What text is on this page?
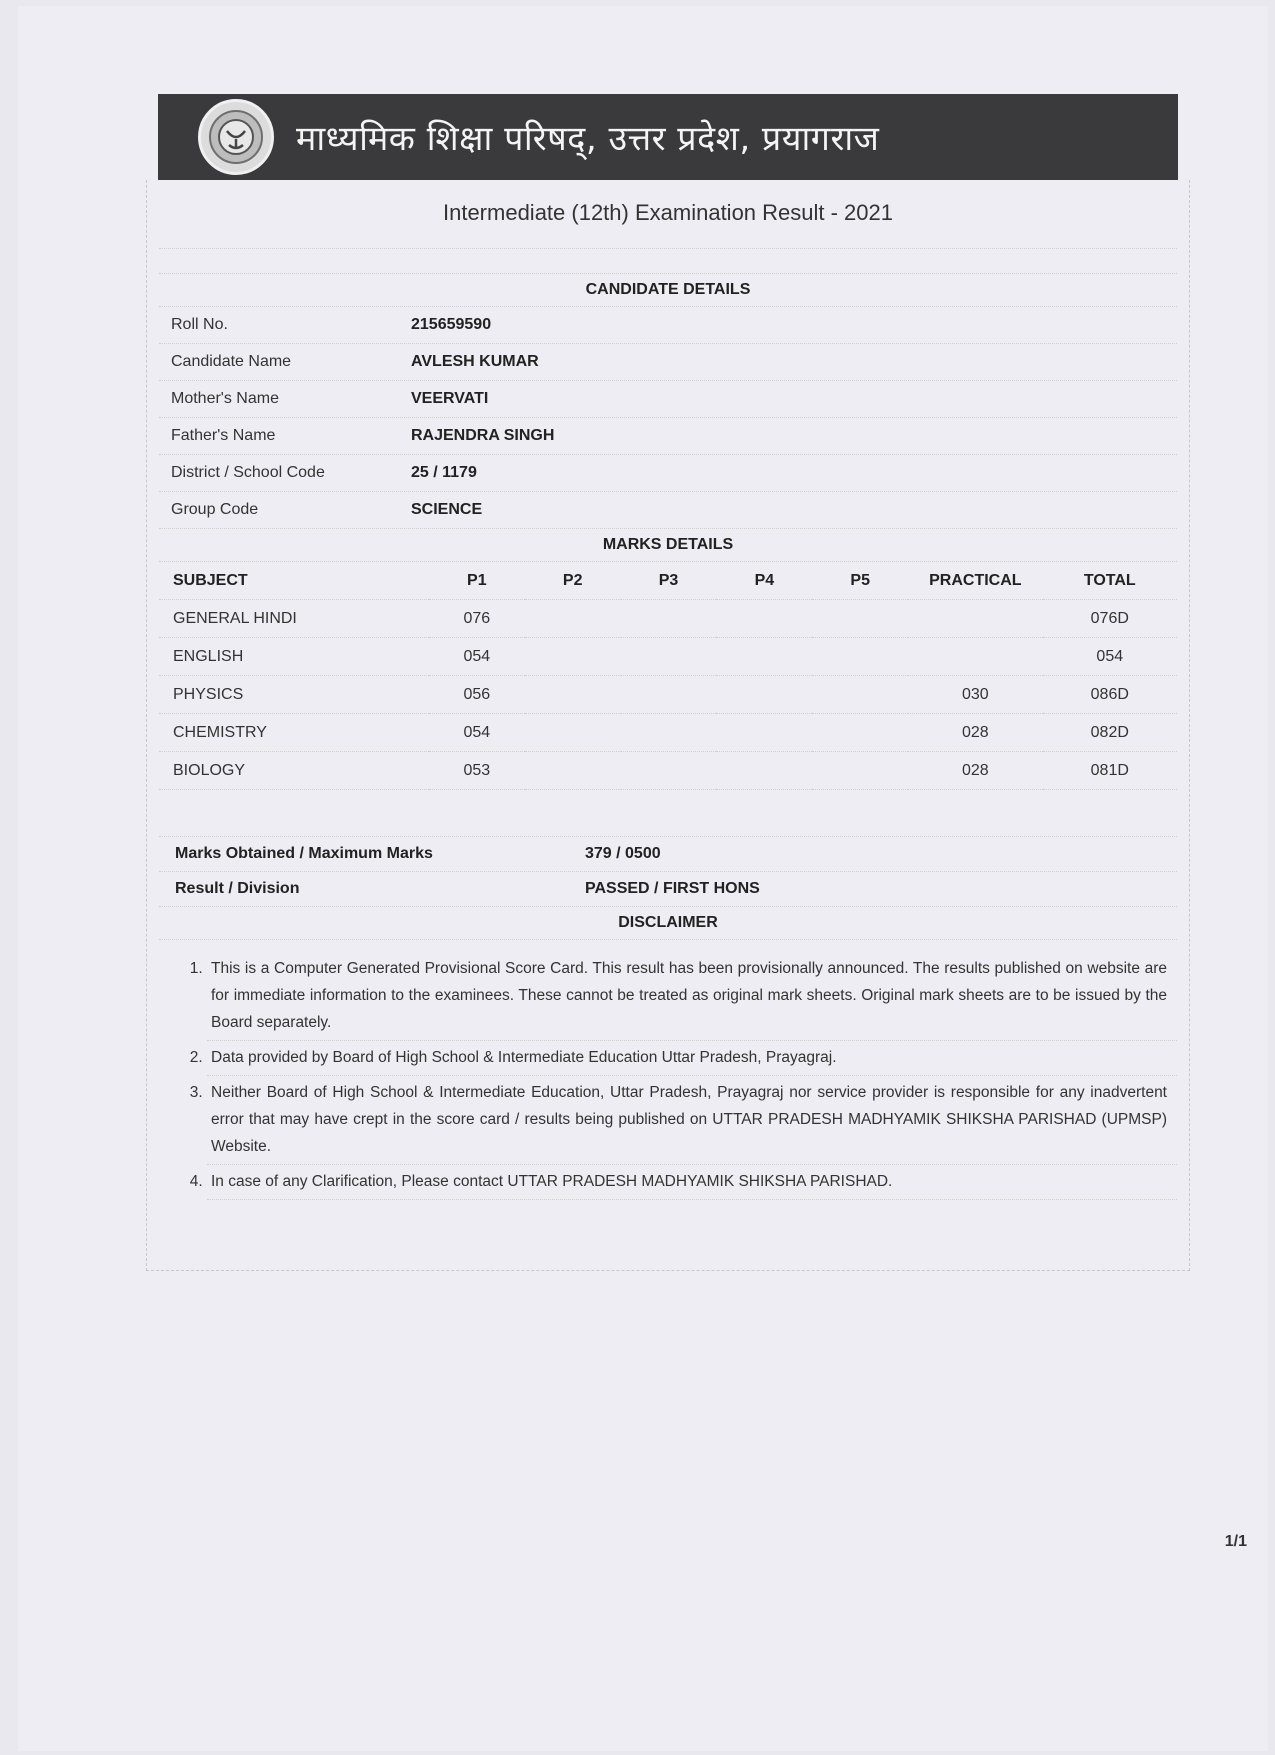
माध्यमिक शिक्षा परिषद्, उत्तर प्रदेश, प्रयागराज
Intermediate (12th) Examination Result - 2021
CANDIDATE DETAILS
Roll No.	215659590
Candidate Name	AVLESH KUMAR
Mother's Name	VEERVATI
Father's Name	RAJENDRA SINGH
District / School Code	25 / 1179
Group Code	SCIENCE
MARKS DETAILS
SUBJECT	P1	P2	P3	P4	P5	PRACTICAL	TOTAL
GENERAL HINDI	076						076D
ENGLISH	054						054
PHYSICS	056					030	086D
CHEMISTRY	054					028	082D
BIOLOGY	053					028	081D
Marks Obtained / Maximum Marks	379 / 0500
Result / Division	PASSED / FIRST HONS
DISCLAIMER
1. This is a Computer Generated Provisional Score Card. This result has been provisionally announced. The results published on website are for immediate information to the examinees. These cannot be treated as original mark sheets. Original mark sheets are to be issued by the Board separately.
2. Data provided by Board of High School & Intermediate Education Uttar Pradesh, Prayagraj.
3. Neither Board of High School & Intermediate Education, Uttar Pradesh, Prayagraj nor service provider is responsible for any inadvertent error that may have crept in the score card / results being published on UTTAR PRADESH MADHYAMIK SHIKSHA PARISHAD (UPMSP) Website.
4. In case of any Clarification, Please contact UTTAR PRADESH MADHYAMIK SHIKSHA PARISHAD.
1/1
